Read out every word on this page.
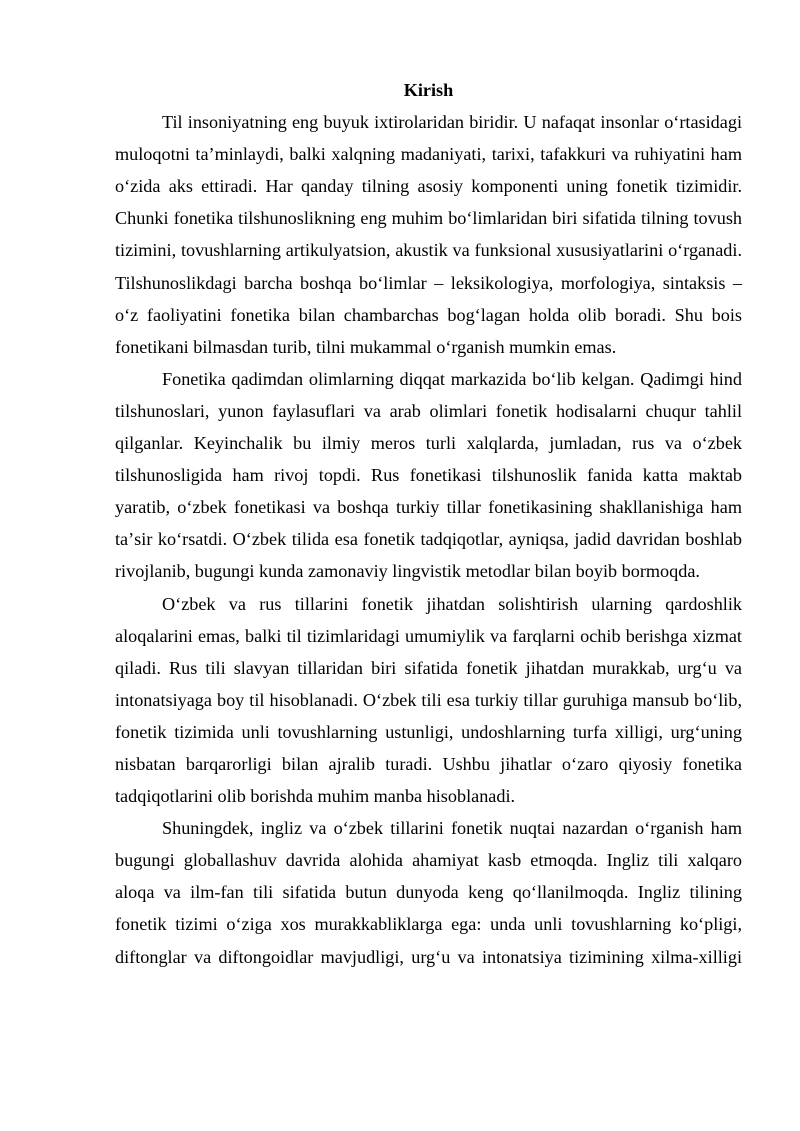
Kirish

Til insoniyatning eng buyuk ixtirolaridan biridir. U nafaqat insonlar oʻrtasidagi muloqotni taʼminlaydi, balki xalqning madaniyati, tarixi, tafakkuri va ruhiyatini ham oʻzida aks ettiradi. Har qanday tilning asosiy komponenti uning fonetik tizimidir. Chunki fonetika tilshunoslikning eng muhim boʻlimlaridan biri sifatida tilning tovush tizimini, tovushlarning artikulyatsion, akustik va funksional xususiyatlarini oʻrganadi. Tilshunoslikdagi barcha boshqa boʻlimlar – leksikologiya, morfologiya, sintaksis – oʻz faoliyatini fonetika bilan chambarchas bogʻlagan holda olib boradi. Shu bois fonetikani bilmasdan turib, tilni mukammal oʻrganish mumkin emas.

Fonetika qadimdan olimlarning diqqat markazida boʻlib kelgan. Qadimgi hind tilshunoslari, yunon faylasuflari va arab olimlari fonetik hodisalarni chuqur tahlil qilganlar. Keyinchalik bu ilmiy meros turli xalqlarda, jumladan, rus va oʻzbek tilshunosligida ham rivoj topdi. Rus fonetikasi tilshunoslik fanida katta maktab yaratib, oʻzbek fonetikasi va boshqa turkiy tillar fonetikasining shakllanishiga ham taʼsir koʻrsatdi. Oʻzbek tilida esa fonetik tadqiqotlar, ayniqsa, jadid davridan boshlab rivojlanib, bugungi kunda zamonaviy lingvistik metodlar bilan boyib bormoqda.

Oʻzbek va rus tillarini fonetik jihatdan solishtirish ularning qardoshlik aloqalarini emas, balki til tizimlaridagi umumiylik va farqlarni ochib berishga xizmat qiladi. Rus tili slavyan tillaridan biri sifatida fonetik jihatdan murakkab, urgʻu va intonatsiyaga boy til hisoblanadi. Oʻzbek tili esa turkiy tillar guruhiga mansub boʻlib, fonetik tizimida unli tovushlarning ustunligi, undoshlarning turfa xilligi, urgʻuning nisbatan barqarorligi bilan ajralib turadi. Ushbu jihatlar oʻzaro qiyosiy fonetika tadqiqotlarini olib borishda muhim manba hisoblanadi.

Shuningdek, ingliz va oʻzbek tillarini fonetik nuqtai nazardan oʻrganish ham bugungi globallashuv davrida alohida ahamiyat kasb etmoqda. Ingliz tili xalqaro aloqa va ilm-fan tili sifatida butun dunyoda keng qoʻllanilmoqda. Ingliz tilining fonetik tizimi oʻziga xos murakkabliklarga ega: unda unli tovushlarning koʻpligi, diftonglar va diftongoidlar mavjudligi, urgʻu va intonatsiya tizimining xilma-xilligi
